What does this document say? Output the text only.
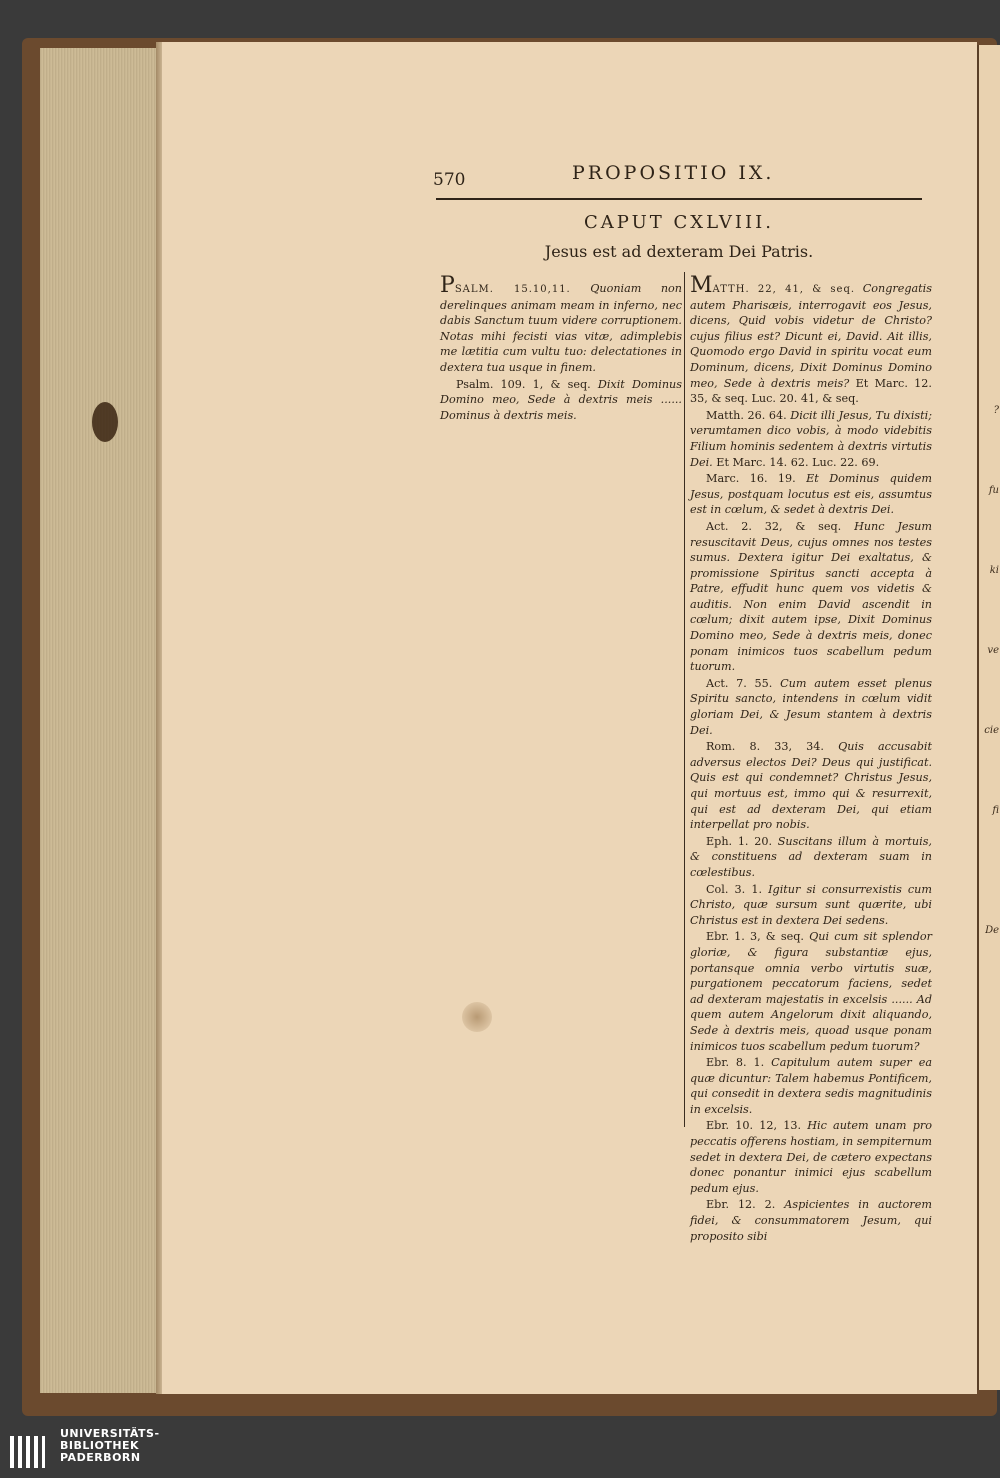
?
fu
ki
ve
cie
fi
De
570	PROPOSITIO IX.
CAPUT CXLVIII.
Jesus est ad dexteram Dei Patris.

PSALM. 15.10,11. Quoniam non derelinques animam meam in inferno, nec dabis Sanctum tuum videre corruptionem. Notas mihi fecisti vias vitæ, adimplebis me lætitia cum vultu tuo: delectationes in dextera tua usque in finem.

Psalm. 109. 1, & seq. Dixit Dominus Domino meo, Sede à dextris meis ...... Dominus à dextris meis.

MATTH. 22, 41, & seq. Congregatis autem Pharisæis, interrogavit eos Jesus, dicens, Quid vobis videtur de Christo? cujus filius est? Dicunt ei, David. Ait illis, Quomodo ergo David in spiritu vocat eum Dominum, dicens, Dixit Dominus Domino meo, Sede à dextris meis? Et Marc. 12. 35, & seq. Luc. 20. 41, & seq.

Matth. 26. 64. Dicit illi Jesus, Tu dixisti; verumtamen dico vobis, à modo videbitis Filium hominis sedentem à dextris virtutis Dei. Et Marc. 14. 62. Luc. 22. 69.

Marc. 16. 19. Et Dominus quidem Jesus, postquam locutus est eis, assumtus est in cœlum, & sedet à dextris Dei.

Act. 2. 32, & seq. Hunc Jesum resuscitavit Deus, cujus omnes nos testes sumus. Dextera igitur Dei exaltatus, & promissione Spiritus sancti accepta à Patre, effudit hunc quem vos videtis & auditis. Non enim David ascendit in cœlum; dixit autem ipse, Dixit Dominus Domino meo, Sede à dextris meis, donec ponam inimicos tuos scabellum pedum tuorum.

Act. 7. 55. Cum autem esset plenus Spiritu sancto, intendens in cœlum vidit gloriam Dei, & Jesum stantem à dextris Dei.

Rom. 8. 33, 34. Quis accusabit adversus electos Dei? Deus qui justificat. Quis est qui condemnet? Christus Jesus, qui mortuus est, immo qui & resurrexit, qui est ad dexteram Dei, qui etiam interpellat pro nobis.

Eph. 1. 20. Suscitans illum à mortuis, & constituens ad dexteram suam in cœlestibus.

Col. 3. 1. Igitur si consurrexistis cum Christo, quæ sursum sunt quærite, ubi Christus est in dextera Dei sedens.

Ebr. 1. 3, & seq. Qui cum sit splendor gloriæ, & figura substantiæ ejus, portansque omnia verbo virtutis suæ, purgationem peccatorum faciens, sedet ad dexteram majestatis in excelsis ...... Ad quem autem Angelorum dixit aliquando, Sede à dextris meis, quoad usque ponam inimicos tuos scabellum pedum tuorum?

Ebr. 8. 1. Capitulum autem super ea quæ dicuntur: Talem habemus Pontificem, qui consedit in dextera sedis magnitudinis in excelsis.

Ebr. 10. 12, 13. Hic autem unam pro peccatis offerens hostiam, in sempiternum sedet in dextera Dei, de cætero expectans donec ponantur inimici ejus scabellum pedum ejus.

Ebr. 12. 2. Aspicientes in auctorem fidei, & consummatorem Jesum, qui proposito sibi

UNIVERSITÄTS-
BIBLIOTHEK
PADERBORN
